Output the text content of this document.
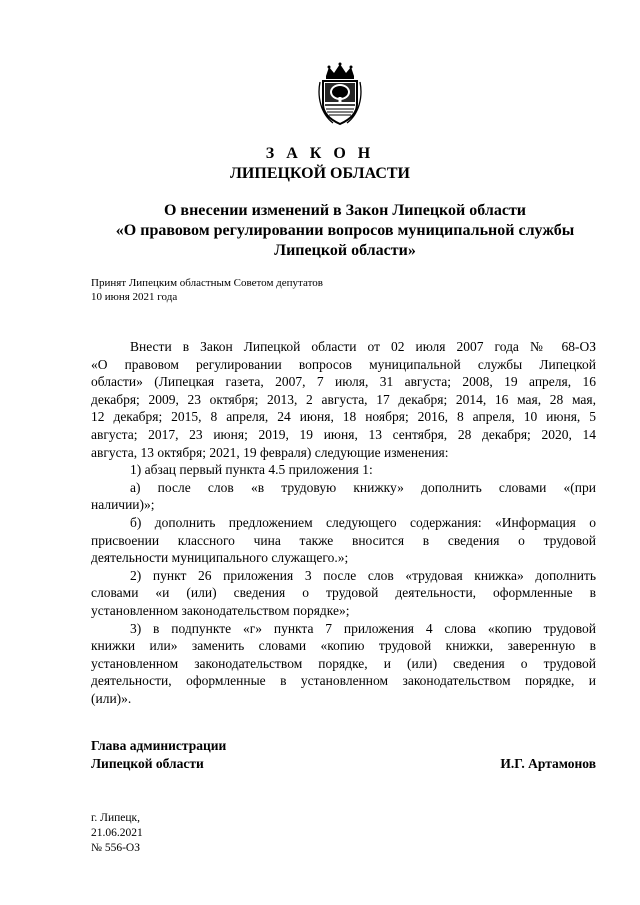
З А К О Н
ЛИПЕЦКОЙ ОБЛАСТИ
О внесении изменений в Закон Липецкой области
«О правовом регулировании вопросов муниципальной службы
Липецкой области»
Принят Липецким областным Советом депутатов
10 июня 2021 года
Внести в Закон Липецкой области от 02 июля 2007 года № 68-ОЗ
«О правовом регулировании вопросов муниципальной службы Липецкой
области» (Липецкая газета, 2007, 7 июля, 31 августа; 2008, 19 апреля, 16
декабря; 2009, 23 октября; 2013, 2 августа, 17 декабря; 2014, 16 мая, 28 мая,
12 декабря; 2015, 8 апреля, 24 июня, 18 ноября; 2016, 8 апреля, 10 июня, 5
августа; 2017, 23 июня; 2019, 19 июня, 13 сентября, 28 декабря; 2020, 14
августа, 13 октября; 2021, 19 февраля) следующие изменения:
1) абзац первый пункта 4.5 приложения 1:
а) после слов «в трудовую книжку» дополнить словами «(при
наличии)»;
б) дополнить предложением следующего содержания: «Информация о
присвоении классного чина также вносится в сведения о трудовой
деятельности муниципального служащего.»;
2) пункт 26 приложения 3 после слов «трудовая книжка» дополнить
словами «и (или) сведения о трудовой деятельности, оформленные в
установленном законодательством порядке»;
3) в подпункте «г» пункта 7 приложения 4 слова «копию трудовой
книжки или» заменить словами «копию трудовой книжки, заверенную в
установленном законодательством порядке, и (или) сведения о трудовой
деятельности, оформленные в установленном законодательством порядке, и
(или)».
Глава администрации
Липецкой области	И.Г. Артамонов
г. Липецк,
21.06.2021
№ 556-ОЗ
